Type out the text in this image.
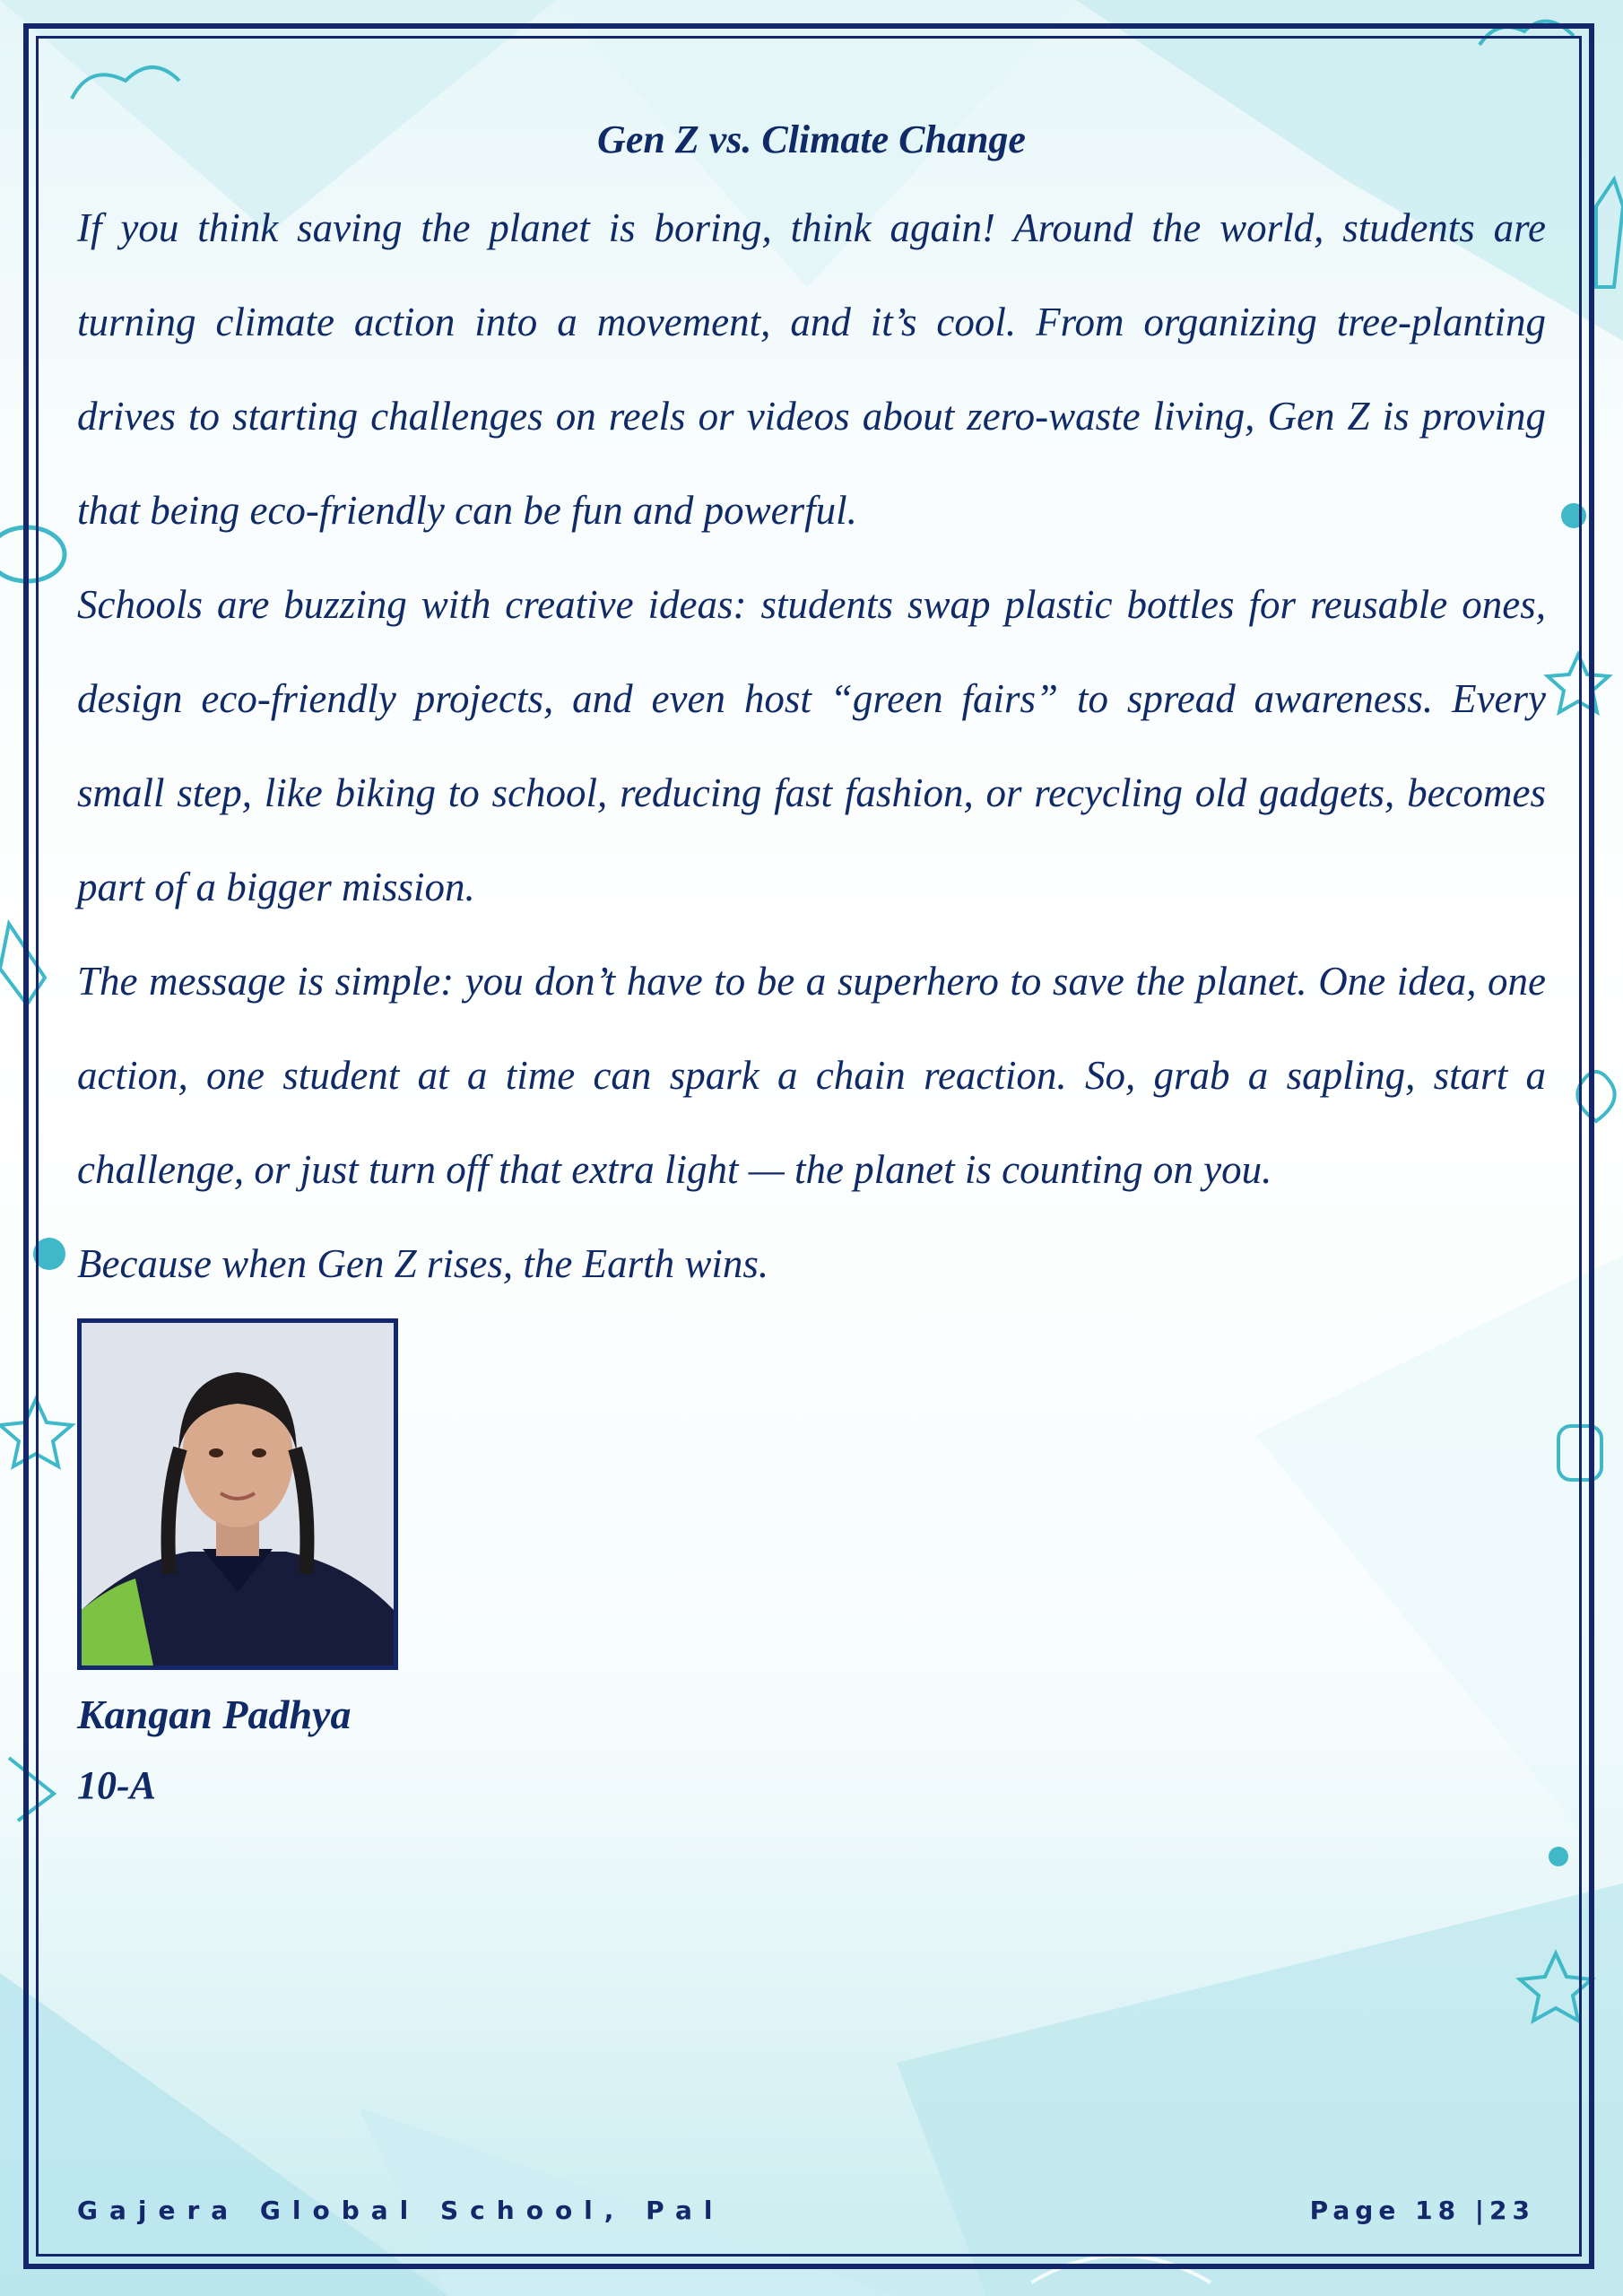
Gen Z vs. Climate Change

If you think saving the planet is boring, think again! Around the world, students are turning climate action into a movement, and it’s cool. From organizing tree-planting drives to starting challenges on reels or videos about zero-waste living, Gen Z is proving that being eco-friendly can be fun and powerful.

Schools are buzzing with creative ideas: students swap plastic bottles for reusable ones, design eco-friendly projects, and even host “green fairs” to spread awareness. Every small step, like biking to school, reducing fast fashion, or recycling old gadgets, becomes part of a bigger mission.

The message is simple: you don’t have to be a superhero to save the planet. One idea, one action, one student at a time can spark a chain reaction. So, grab a sapling, start a challenge, or just turn off that extra light — the planet is counting on you.

Because when Gen Z rises, the Earth wins.

Kangan Padhya
10-A
Gajera Global School, Pal	Page 18 |23
